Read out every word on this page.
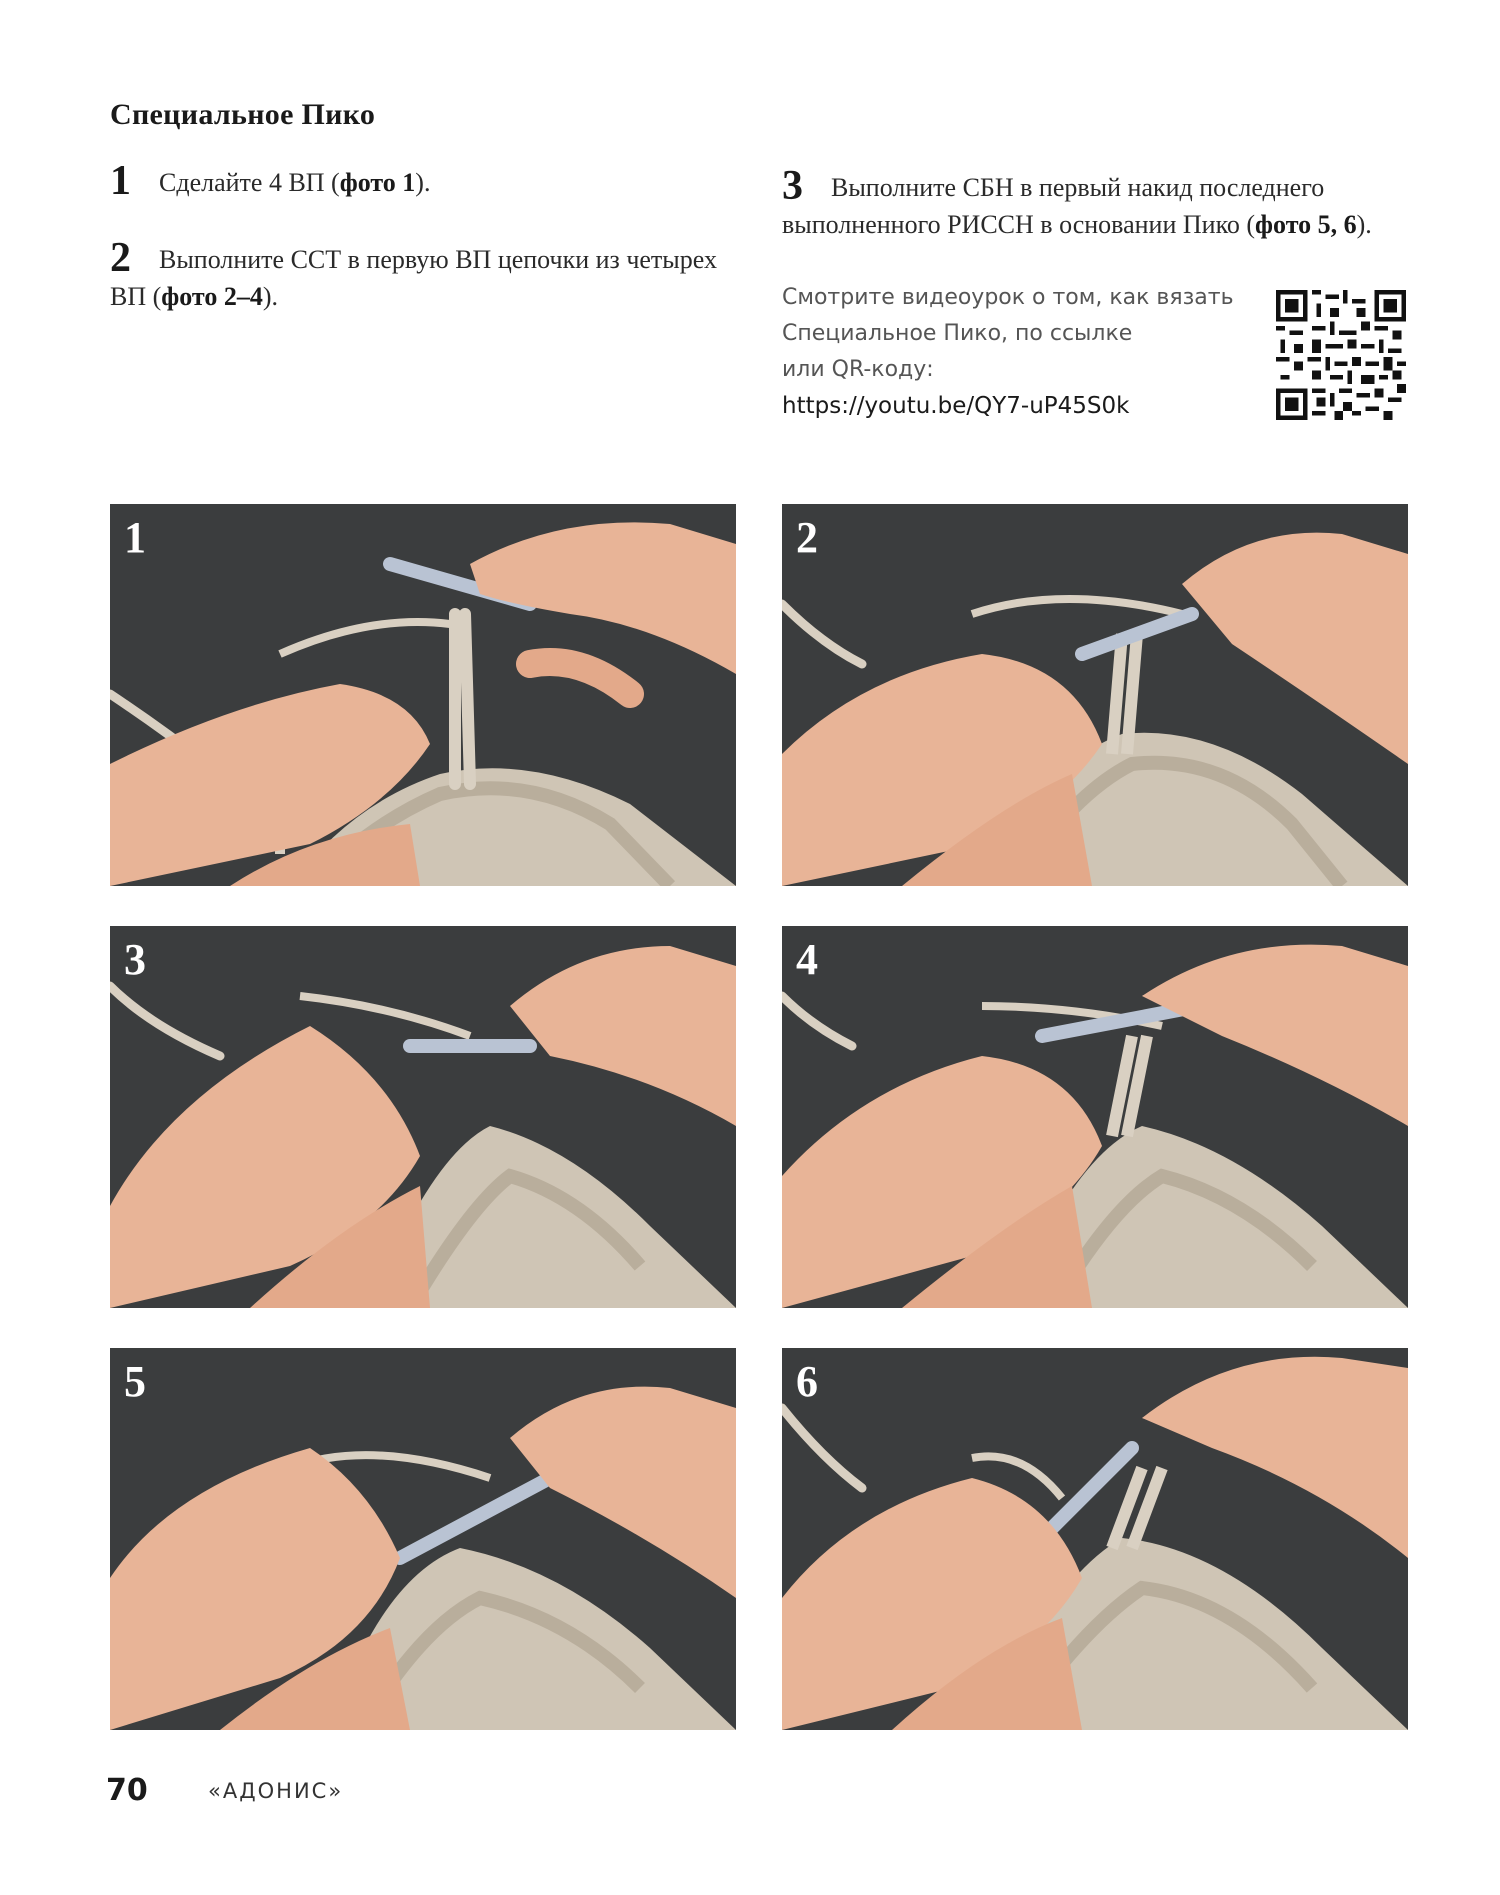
Специальное Пико
1 Сделайте 4 ВП (фото 1).
2 Выполните ССТ в первую ВП цепочки из четырех ВП (фото 2–4).
3 Выполните СБН в первый накид последнего выполненного РИССН в основании Пико (фото 5, 6).
Смотрите видеоурок о том, как вязать
Специальное Пико, по ссылке
или QR-коду:
https://youtu.be/QY7-uP45S0k
1	2
3	4
5	6
70	«АДОНИС»
